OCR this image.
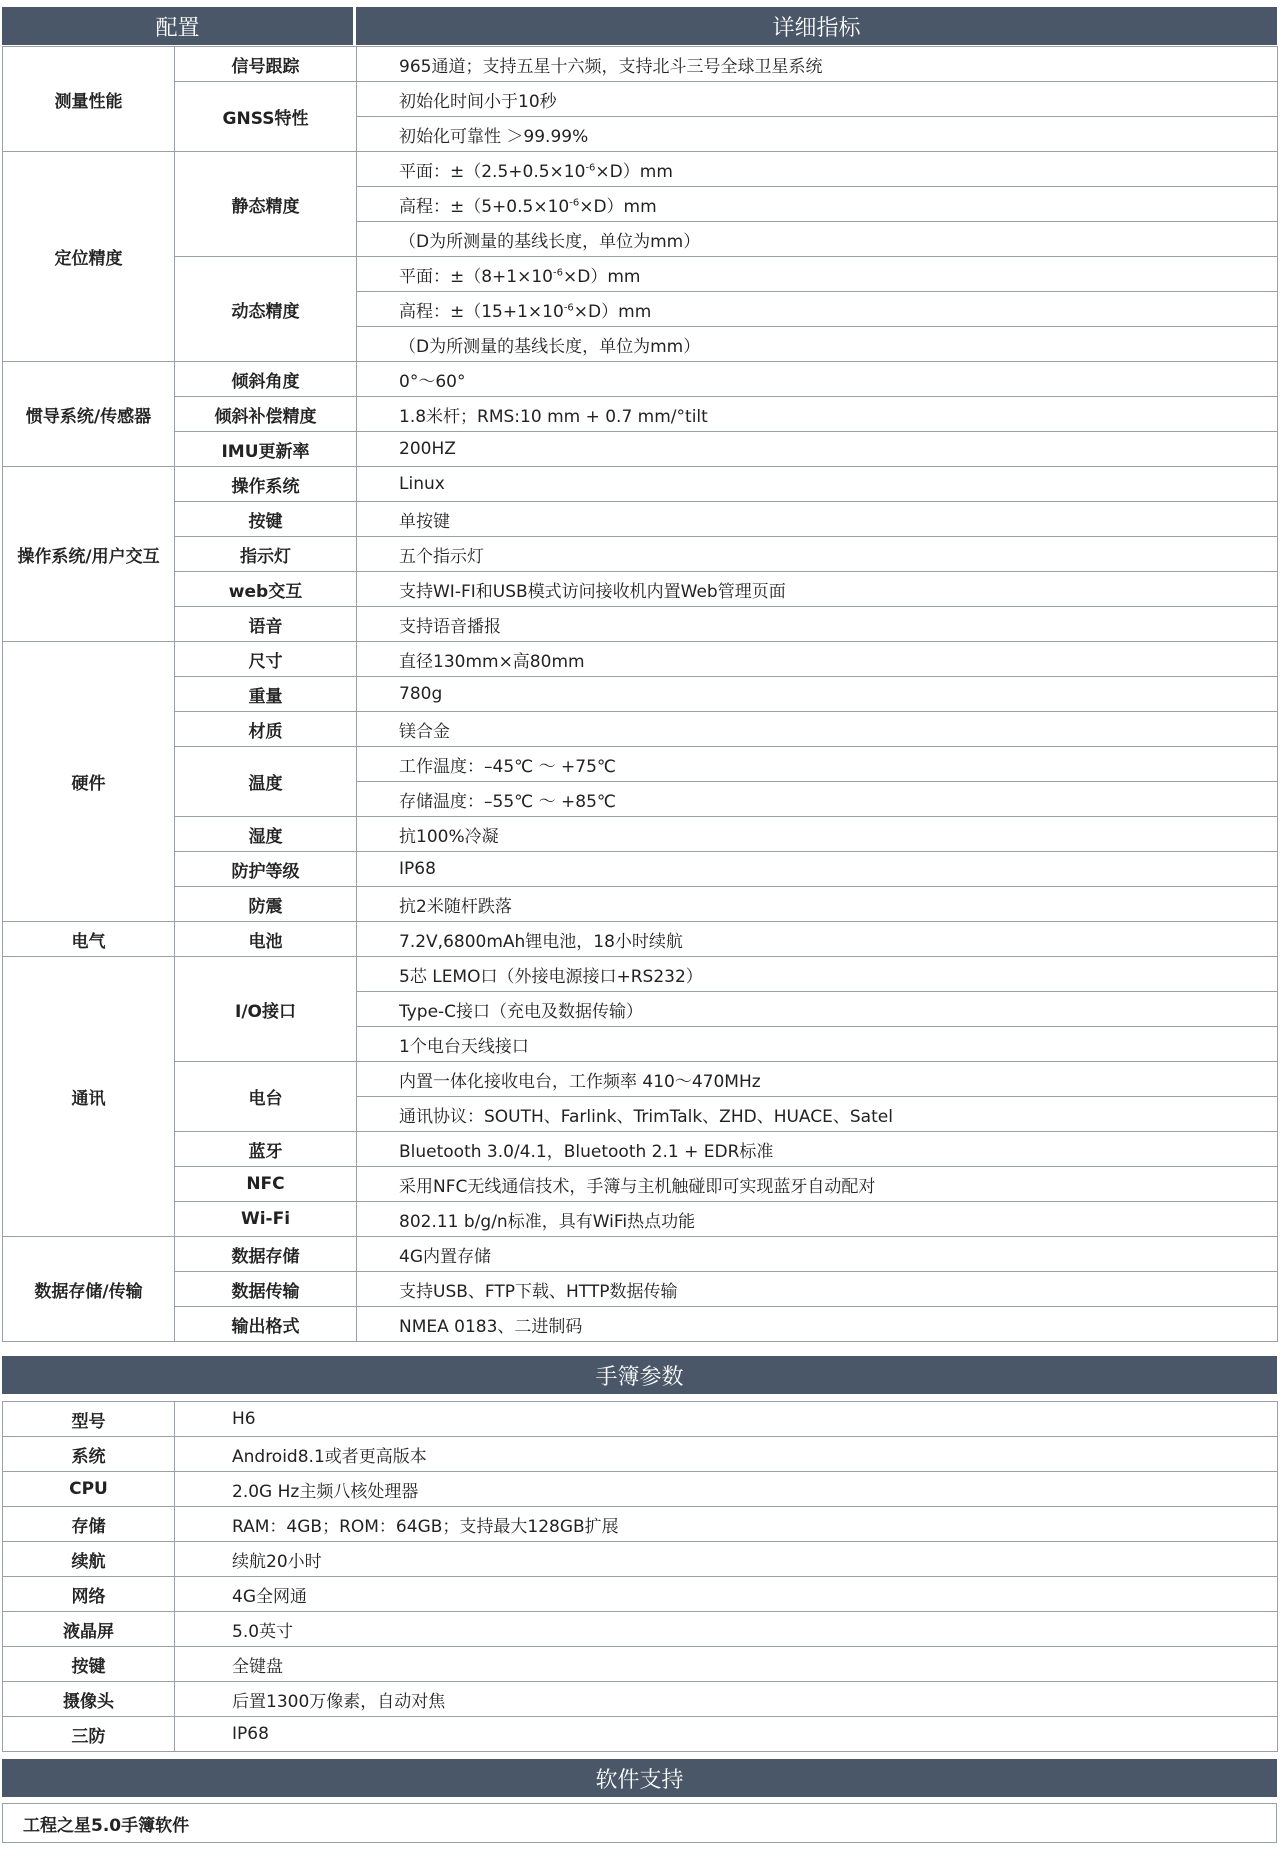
配置	详细指标
测量性能	信号跟踪	965通道；支持五星十六频，支持北斗三号全球卫星系统
	GNSS特性	初始化时间小于10秒
		初始化可靠性 ＞99.99%
定位精度	静态精度	平面：$\pm(2.5+0.5\times 10^{-6}\times D)mm$
		高程：$\pm(5+0.5\times 10^{-6}\times D)mm$
		（D为所测量的基线长度，单位为mm）
	动态精度	平面：$\pm(8+1\times 10^{-6}\times D)mm$
		高程：$\pm(15+1\times 10^{-6}\times D)mm$
		（D为所测量的基线长度，单位为mm）
惯导系统/传感器	倾斜角度	0°～60°
	倾斜补偿精度	1.8米杆；RMS:10 mm + 0.7 mm/°tilt
	IMU更新率	200HZ
操作系统/用户交互	操作系统	Linux
	按键	单按键
	指示灯	五个指示灯
	web交互	支持WI-FI和USB模式访问接收机内置Web管理页面
	语音	支持语音播报
硬件	尺寸	直径130mm×高80mm
	重量	780g
	材质	镁合金
	温度	工作温度：–45℃ ～ +75℃
		存储温度：–55℃ ～ +85℃
	湿度	抗100%冷凝
	防护等级	IP68
	防震	抗2米随杆跌落
电气	电池	7.2V,6800mAh锂电池，18小时续航
通讯	I/O接口	5芯 LEMO口（外接电源接口+RS232）
		Type-C接口（充电及数据传输）
		1个电台天线接口
	电台	内置一体化接收电台，工作频率 410～470MHz
		通讯协议：SOUTH、Farlink、TrimTalk、ZHD、HUACE、Satel
	蓝牙	Bluetooth 3.0/4.1，Bluetooth 2.1 + EDR标准
	NFC	采用NFC无线通信技术，手簿与主机触碰即可实现蓝牙自动配对
	Wi-Fi	802.11 b/g/n标准，具有WiFi热点功能
数据存储/传输	数据存储	4G内置存储
	数据传输	支持USB、FTP下载、HTTP数据传输
	输出格式	NMEA 0183、二进制码
手簿参数
型号	H6
系统	Android8.1或者更高版本
CPU	2.0G Hz主频八核处理器
存储	RAM：4GB；ROM：64GB；支持最大128GB扩展
续航	续航20小时
网络	4G全网通
液晶屏	5.0英寸
按键	全键盘
摄像头	后置1300万像素，自动对焦
三防	IP68
软件支持
工程之星5.0手簿软件
